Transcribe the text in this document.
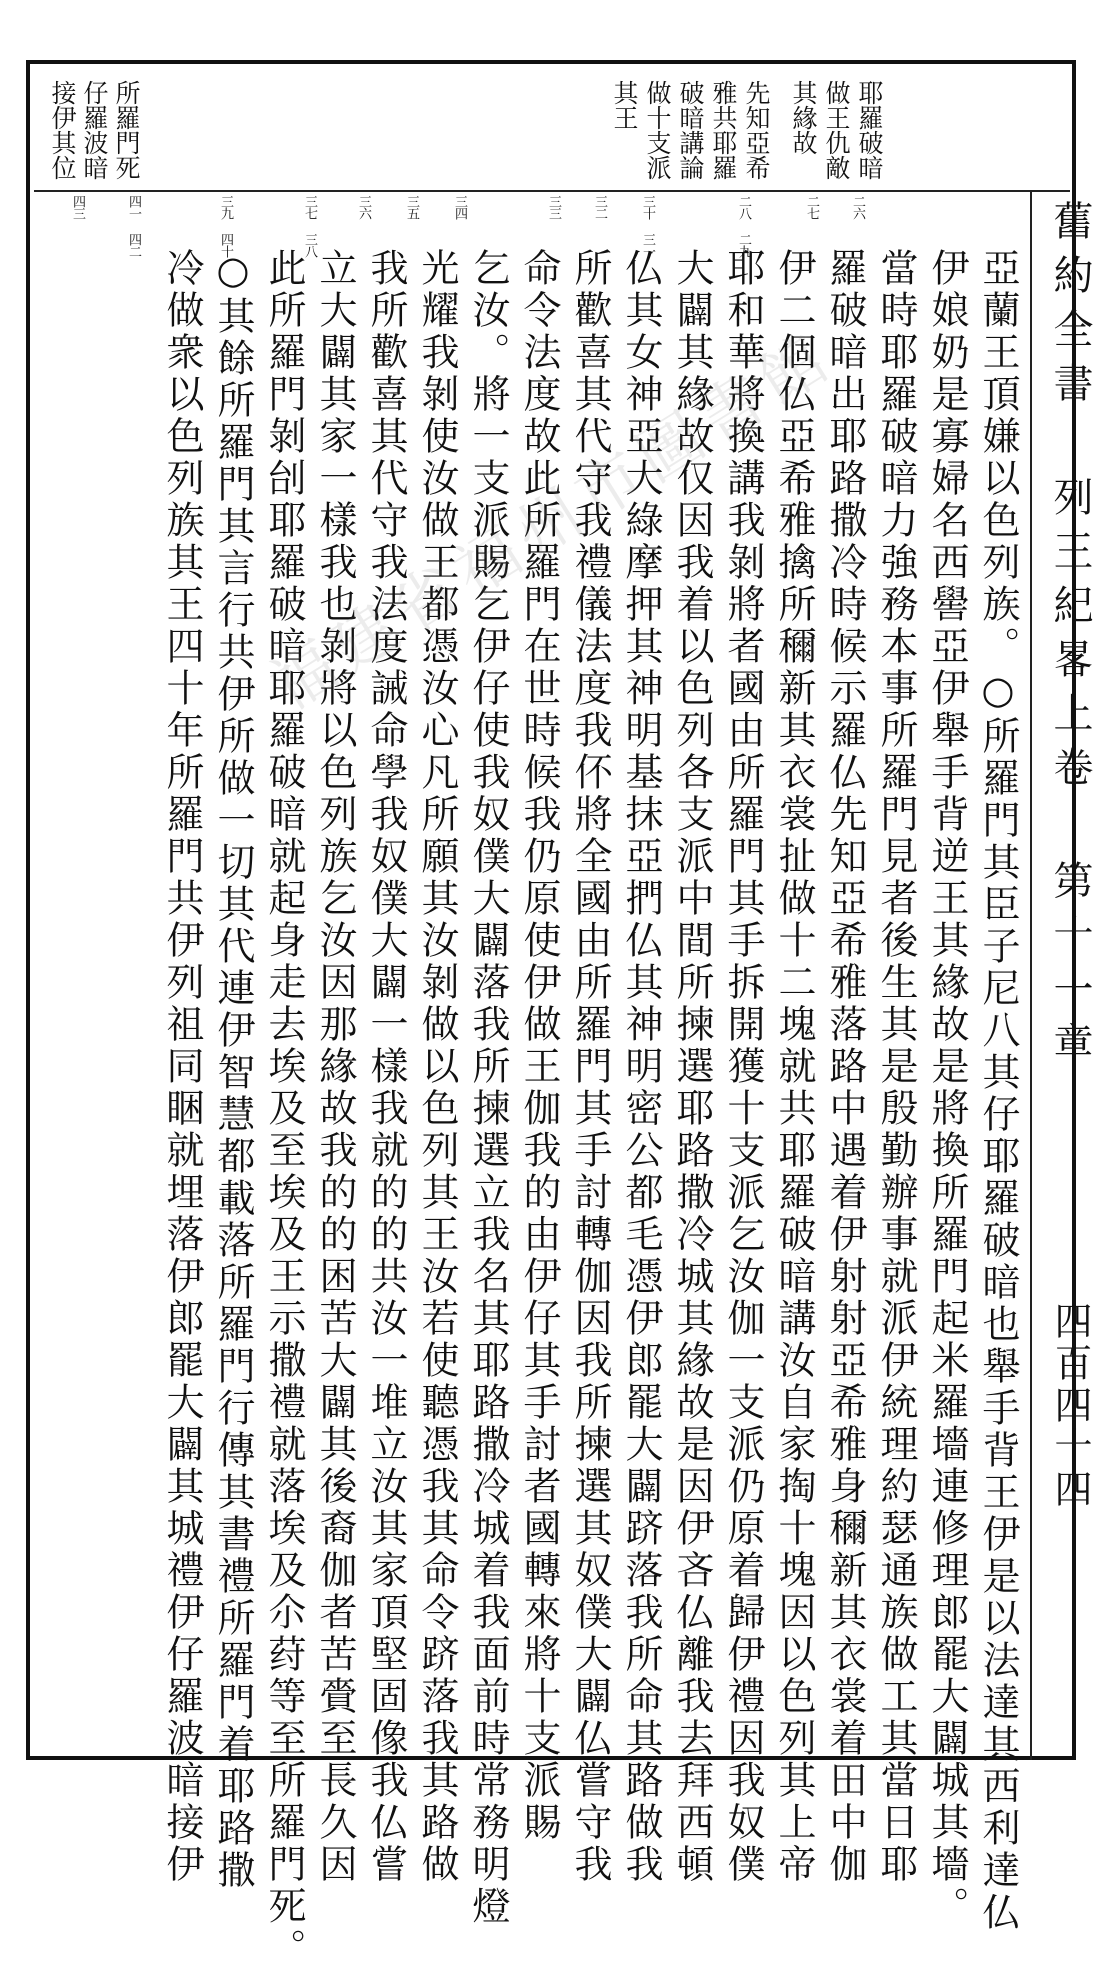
耶羅破暗
做王仇敵
其緣故
先知亞希
雅共耶羅
破暗講論
做十支派
其王
所羅門死
仔羅波暗
接伊其位
二六
二七
二八 二九
三十 三一
三二
三三
三四
三五
三六
三七 三八
三九 四十
四一 四二
四三	舊約全書 列王紀畧上卷 第十一章
亞蘭王頂嫌以色列族。○所羅門其臣子尼八其仔耶羅破暗也舉手背王伊是以法達其西利達仏
伊娘奶是寡婦名西嚳亞伊舉手背逆王其緣故是將換所羅門起米羅墻連修理郎罷大闢城其墻。
當時耶羅破暗力強務本事所羅門見者後生其是殷勤辦事就派伊統理約瑟通族做工其當日耶
羅破暗出耶路撒冷時候示羅仏先知亞希雅落路中遇着伊射射亞希雅身穪新其衣裳着田中伽
伊二個仏亞希雅擒所穪新其衣裳扯做十二塊就共耶羅破暗講汝自家掏十塊因以色列其上帝
耶和華將換講我剝將者國由所羅門其手拆開獲十支派乞汝伽一支派仍原着歸伊禮因我奴僕
大闢其緣故仅因我着以色列各支派中間所揀選耶路撒冷城其緣故是因伊吝仏離我去拜西頓
仏其女神亞大綠摩押其神明基抹亞捫仏其神明密公都毛憑伊郎罷大闢跻落我所命其路做我
所歡喜其代守我禮儀法度我伓將全國由所羅門其手討轉伽因我所揀選其奴僕大闢仏嘗守我
命令法度故此所羅門在世時候我仍原使伊做王伽我的由伊仔其手討者國轉來將十支派賜
乞汝。將一支派賜乞伊仔使我奴僕大闢落我所揀選立我名其耶路撒冷城着我面前時常務明燈
光耀我剝使汝做王都憑汝心凡所願其汝剝做以色列其王汝若使聽憑我其命令跻落我其路做
我所歡喜其代守我法度誡命學我奴僕大闢一樣我就的的共汝一堆立汝其家頂堅固像我仏嘗
立大闢其家一樣我也剝將以色列族乞汝因那緣故我的的困苦大闢其後裔伽者苦賫至長久因
此所羅門剝刣耶羅破暗耶羅破暗就起身走去埃及至埃及王示撒禮就落埃及尒荮等至所羅門死。
○其餘所羅門其言行共伊所做一切其代連伊智慧都載落所羅門行傳其書禮所羅門着耶路撒
冷做衆以色列族其王四十年所羅門共伊列祖同睏就埋落伊郎罷大闢其城禮伊仔羅波暗接伊	四百四十四
福建省福州市圖書館
